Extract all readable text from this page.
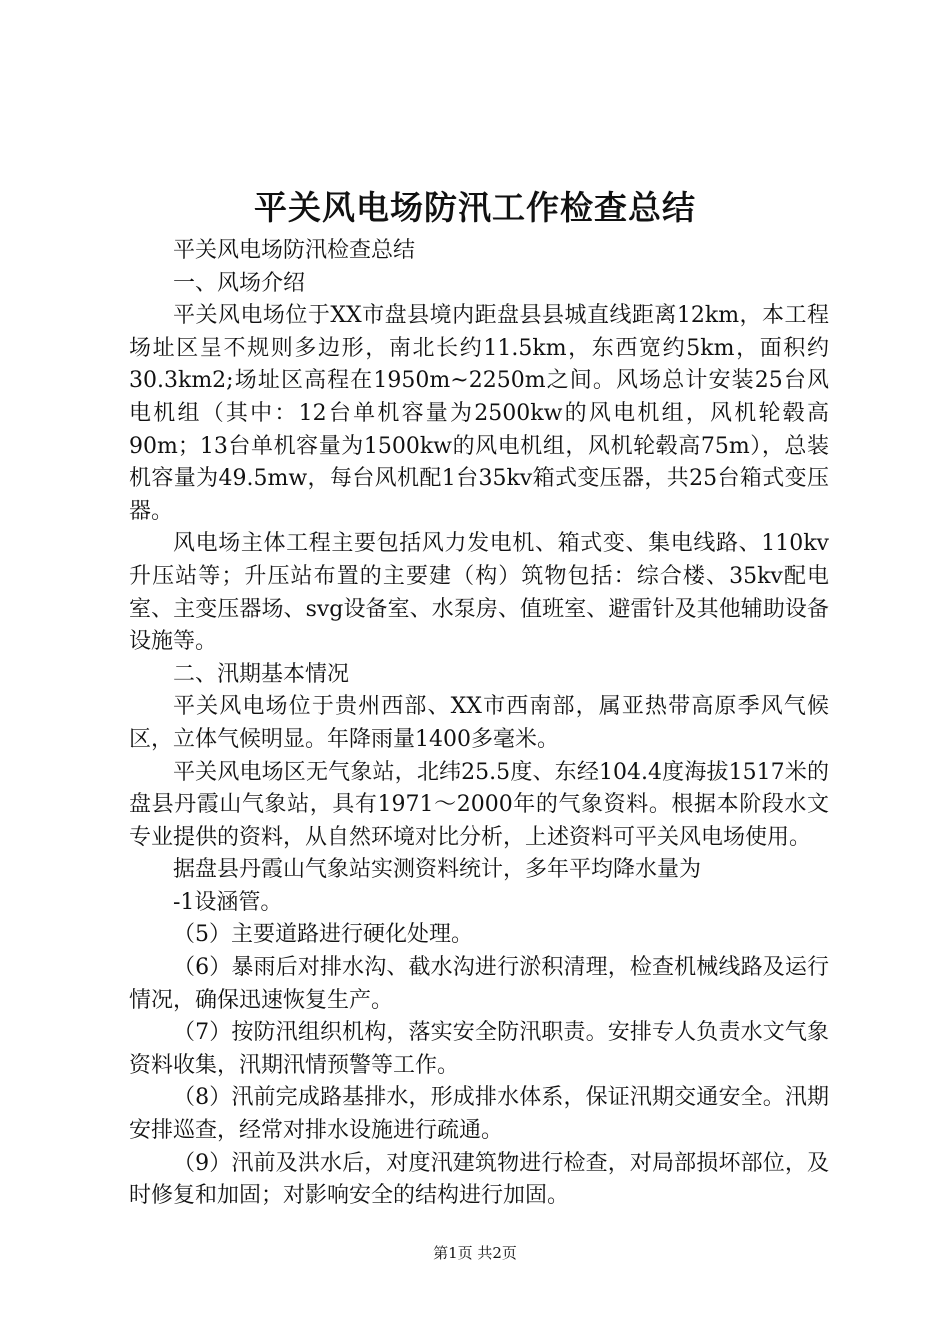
平关风电场防汛工作检查总结

平关风电场防汛检查总结

一、风场介绍

平关风电场位于XX市盘县境内距盘县县城直线距离12km，本工程场址区呈不规则多边形，南北长约11.5km，东西宽约5km，面积约30.3km2;场址区高程在1950m~2250m之间。风场总计安装25台风电机组（其中：12台单机容量为2500kw的风电机组，风机轮毂高90m；13台单机容量为1500kw的风电机组，风机轮毂高75m），总装机容量为49.5mw，每台风机配1台35kv箱式变压器，共25台箱式变压器。

风电场主体工程主要包括风力发电机、箱式变、集电线路、110kv升压站等；升压站布置的主要建（构）筑物包括：综合楼、35kv配电室、主变压器场、svg设备室、水泵房、值班室、避雷针及其他辅助设备设施等。

二、汛期基本情况

平关风电场位于贵州西部、XX市西南部，属亚热带高原季风气候区，立体气候明显。年降雨量1400多毫米。

平关风电场区无气象站，北纬25.5度、东经104.4度海拔1517米的盘县丹霞山气象站，具有1971～2000年的气象资料。根据本阶段水文专业提供的资料，从自然环境对比分析，上述资料可平关风电场使用。

据盘县丹霞山气象站实测资料统计，多年平均降水量为

-1设涵管。

（5）主要道路进行硬化处理。

（6）暴雨后对排水沟、截水沟进行淤积清理，检查机械线路及运行情况，确保迅速恢复生产。

（7）按防汛组织机构，落实安全防汛职责。安排专人负责水文气象资料收集，汛期汛情预警等工作。

（8）汛前完成路基排水，形成排水体系，保证汛期交通安全。汛期安排巡查，经常对排水设施进行疏通。

（9）汛前及洪水后，对度汛建筑物进行检查，对局部损坏部位，及时修复和加固；对影响安全的结构进行加固。

第1页 共2页
